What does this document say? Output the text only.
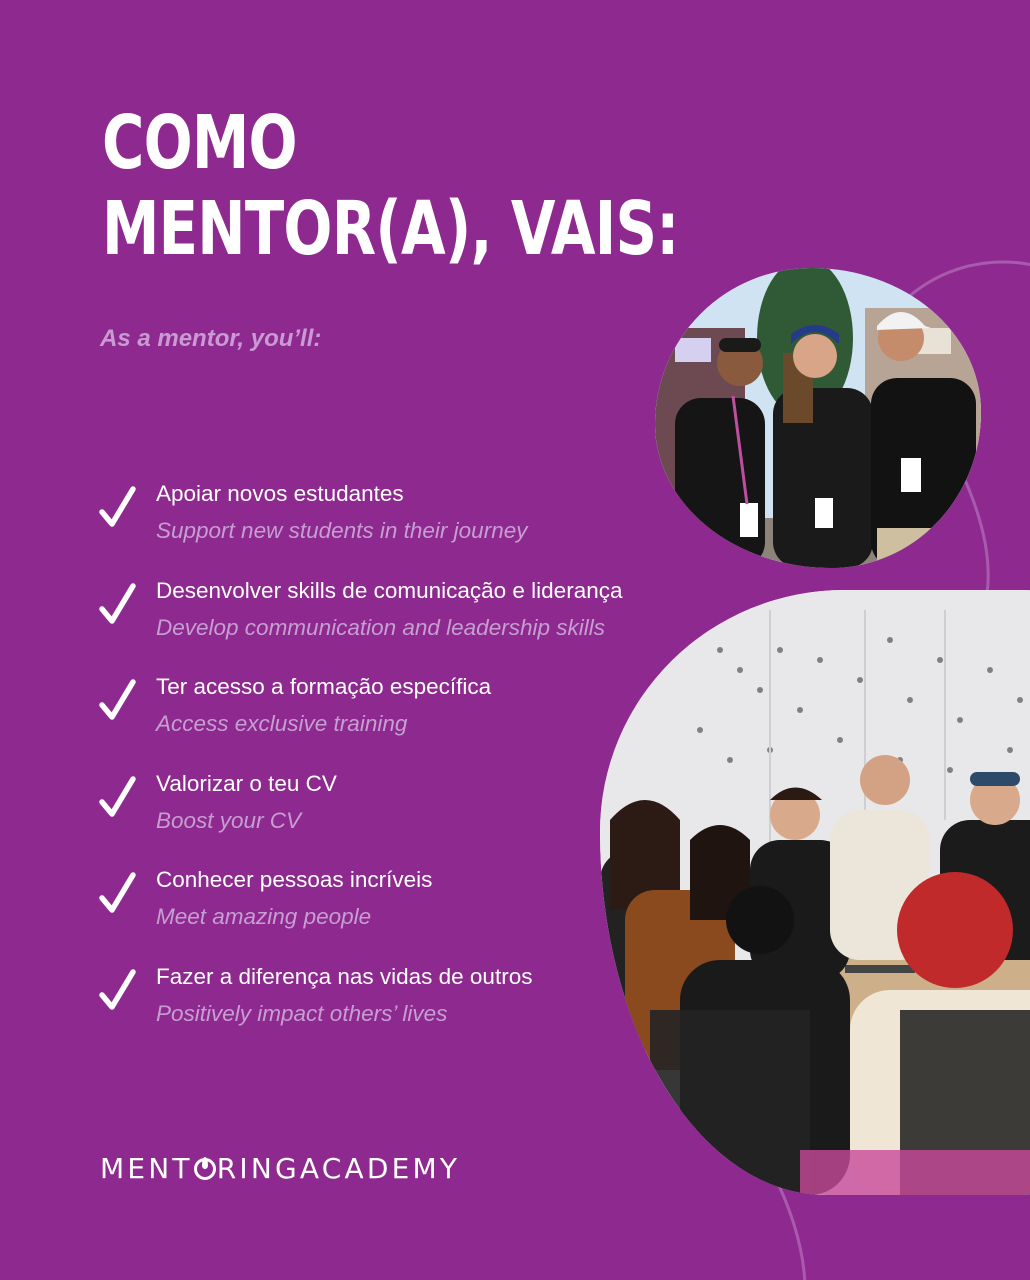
COMO
MENTOR(A), VAIS:
As a mentor, you’ll:
Apoiar novos estudantes
Support new students in their journey
Desenvolver skills de comunicação e liderança
Develop communication and leadership skills
Ter acesso a formação específica
Access exclusive training
Valorizar o teu CV
Boost your CV
Conhecer pessoas incríveis
Meet amazing people
Fazer a diferença nas vidas de outros
Positively impact others’ lives
MENT RINGACADEMY
